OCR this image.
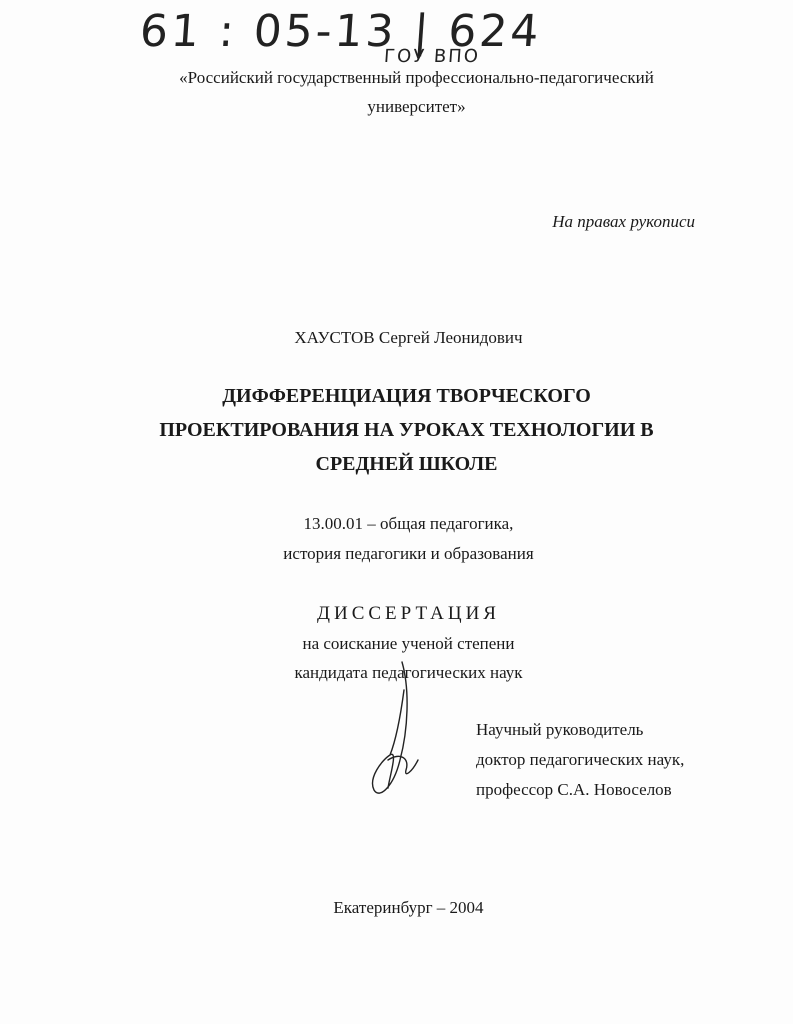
61 : 05-13 | 624
ГОУ ВПО
«Российский государственный профессионально-педагогический
университет»
На правах рукописи
ХАУСТОВ Сергей Леонидович
ДИФФЕРЕНЦИАЦИЯ ТВОРЧЕСКОГО
ПРОЕКТИРОВАНИЯ НА УРОКАХ ТЕХНОЛОГИИ В
СРЕДНЕЙ ШКОЛЕ
13.00.01 – общая педагогика,
история педагогики и образования
ДИССЕРТАЦИЯ
на соискание ученой степени
кандидата педагогических наук
Научный руководитель
доктор педагогических наук,
профессор С.А. Новоселов
Екатеринбург – 2004
